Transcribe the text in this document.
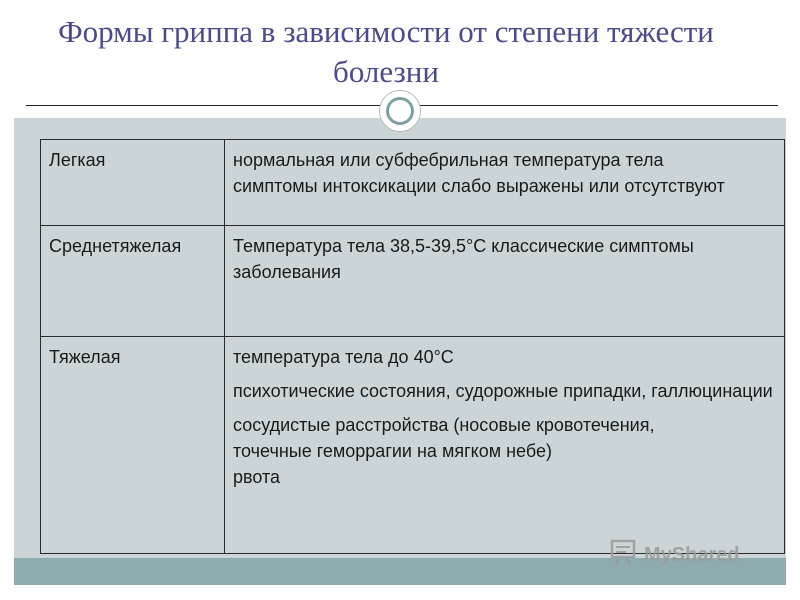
Формы гриппа в зависимости от степени тяжести болезни
Легкая	нормальная или субфебрильная температура тела
симптомы интоксикации слабо выражены или отсутствуют

Среднетяжелая	Температура тела 38,5-39,5°С классические симптомы заболевания

Тяжелая	температура тела до 40°С
психотические состояния, судорожные припадки, галлюцинации
сосудистые расстройства (носовые кровотечения,
точечные геморрагии на мягком небе)
рвота
MyShared
